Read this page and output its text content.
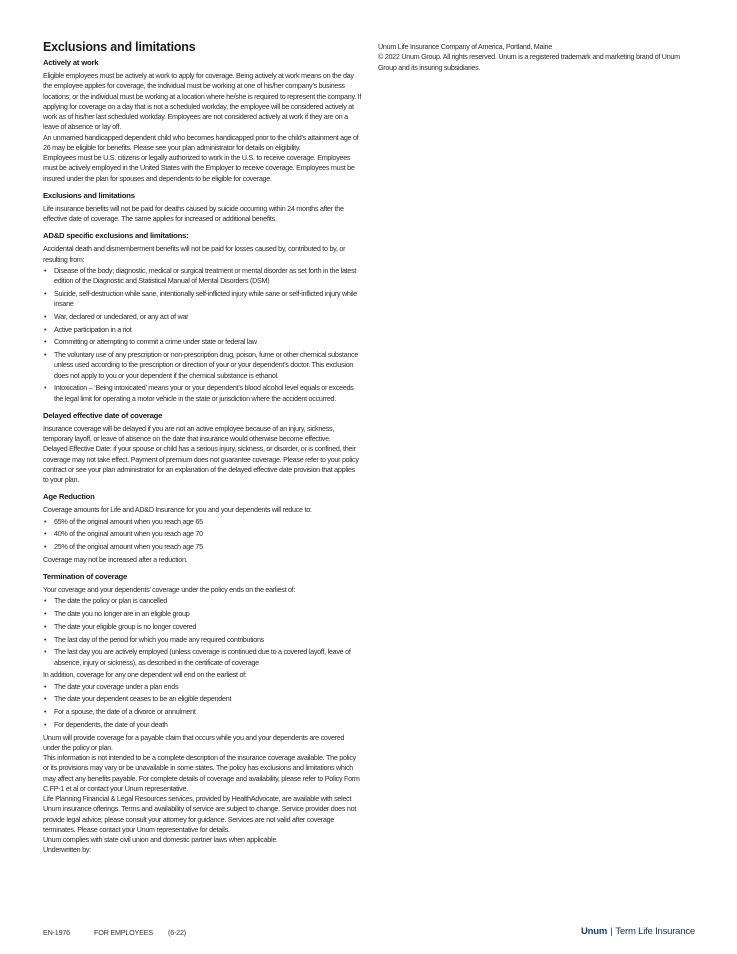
Exclusions and limitations
Actively at work

Eligible employees must be actively at work to apply for coverage. Being actively at work means on the day the employee applies for coverage, the individual must be working at one of his/her company’s business locations; or the individual must be working at a location where he/she is required to represent the company. If applying for coverage on a day that is not a scheduled workday, the employee will be considered actively at work as of his/her last scheduled workday. Employees are not considered actively at work if they are on a leave of absence or lay off.

An unmarried handicapped dependent child who becomes handicapped prior to the child’s attainment age of 26 may be eligible for benefits. Please see your plan administrator for details on eligibility.

Employees must be U.S. citizens or legally authorized to work in the U.S. to receive coverage. Employees must be actively employed in the United States with the Employer to receive coverage. Employees must be insured under the plan for spouses and dependents to be eligible for coverage.

Exclusions and limitations

Life insurance benefits will not be paid for deaths caused by suicide occurring within 24 months after the effective date of coverage. The same applies for increased or additional benefits.

AD&D specific exclusions and limitations:

Accidental death and dismemberment benefits will not be paid for losses caused by, contributed to by, or resulting from:

• Disease of the body; diagnostic, medical or surgical treatment or mental disorder as set forth in the latest edition of the Diagnostic and Statistical Manual of Mental Disorders (DSM)
• Suicide, self-destruction while sane, intentionally self-inflicted injury while sane or self-inflicted injury while insane
• War, declared or undeclared, or any act of war
• Active participation in a riot
• Committing or attempting to commit a crime under state or federal law
• The voluntary use of any prescription or non-prescription drug, poison, fume or other chemical substance unless used according to the prescription or direction of your or your dependent’s doctor. This exclusion does not apply to you or your dependent if the chemical substance is ethanol.
• Intoxication – ‘Being intoxicated’ means your or your dependent’s blood alcohol level equals or exceeds the legal limit for operating a motor vehicle in the state or jurisdiction where the accident occurred.
Delayed effective date of coverage

Insurance coverage will be delayed if you are not an active employee because of an injury, sickness, temporary layoff, or leave of absence on the date that insurance would otherwise become effective.

Delayed Effective Date: if your spouse or child has a serious injury, sickness, or disorder, or is confined, their coverage may not take effect. Payment of premium does not guarantee coverage. Please refer to your policy contract or see your plan administrator for an explanation of the delayed effective date provision that applies to your plan.

Age Reduction

Coverage amounts for Life and AD&D Insurance for you and your dependents will reduce to:

• 65% of the original amount when you reach age 65
• 40% of the original amount when you reach age 70
• 25% of the original amount when you reach age 75

Coverage may not be increased after a reduction.

Termination of coverage

Your coverage and your dependents’ coverage under the policy ends on the earliest of:

• The date the policy or plan is cancelled
• The date you no longer are in an eligible group
• The date your eligible group is no longer covered
• The last day of the period for which you made any required contributions
• The last day you are actively employed (unless coverage is continued due to a covered layoff, leave of absence, injury or sickness), as described in the certificate of coverage

In addition, coverage for any one dependent will end on the earliest of:

• The date your coverage under a plan ends
• The date your dependent ceases to be an eligible dependent
• For a spouse, the date of a divorce or annulment
• For dependents, the date of your death

Unum will provide coverage for a payable claim that occurs while you and your dependents are covered under the policy or plan.

This information is not intended to be a complete description of the insurance coverage available. The policy or its provisions may vary or be unavailable in some states. The policy has exclusions and limitations which may affect any benefits payable. For complete details of coverage and availability, please refer to Policy Form C.FP-1 et al or contact your Unum representative.

Life Planning Financial & Legal Resources services, provided by HealthAdvocate, are available with select Unum insurance offerings. Terms and availability of service are subject to change. Service provider does not provide legal advice; please consult your attorney for guidance. Services are not valid after coverage terminates. Please contact your Unum representative for details.

Unum complies with state civil union and domestic partner laws when applicable.

Underwritten by:

Unum Life Insurance Company of America, Portland, Maine

© 2022 Unum Group. All rights reserved. Unum is a registered trademark and marketing brand of Unum Group and its insuring subsidiaries.

EN-1976	FOR EMPLOYEES (6-22)	Unum | Term Life Insurance
